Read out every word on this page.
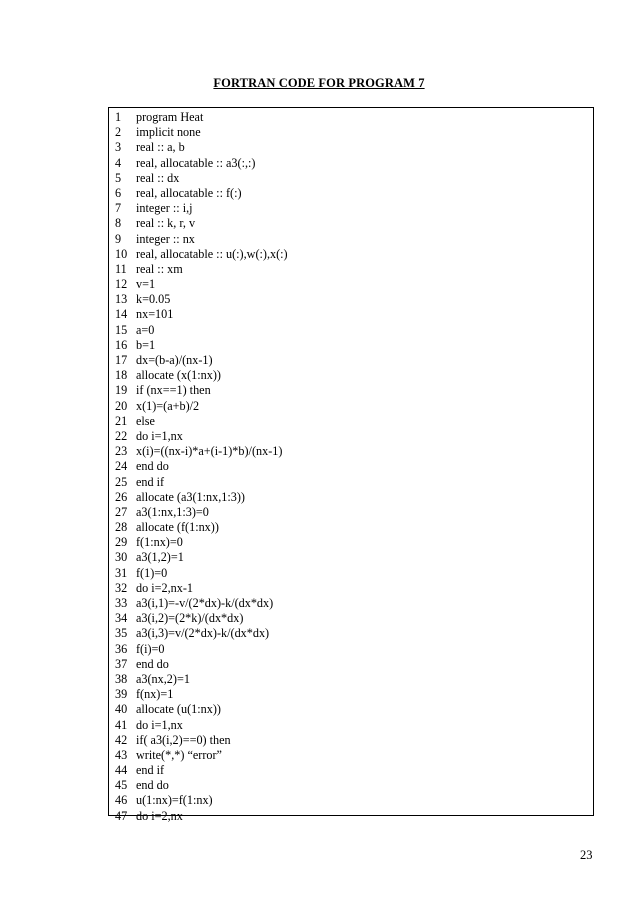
FORTRAN CODE FOR PROGRAM 7
1	program Heat
2	implicit none
3	real :: a, b
4	real, allocatable :: a3(:,:)
5	real :: dx
6	real, allocatable :: f(:)
7	integer :: i,j
8	real :: k, r, v
9	integer :: nx
10 real, allocatable :: u(:),w(:),x(:)
11 real :: xm
12 v=1
13 k=0.05
14 nx=101
15 a=0
16 b=1
17 dx=(b-a)/(nx-1)
18 allocate (x(1:nx))
19 if (nx==1) then
20 x(1)=(a+b)/2
21 else
22 do i=1,nx
23 x(i)=((nx-i)*a+(i-1)*b)/(nx-1)
24 end do
25 end if
26 allocate (a3(1:nx,1:3))
27 a3(1:nx,1:3)=0
28 allocate (f(1:nx))
29 f(1:nx)=0
30 a3(1,2)=1
31 f(1)=0
32 do i=2,nx-1
33 a3(i,1)=-v/(2*dx)-k/(dx*dx)
34 a3(i,2)=(2*k)/(dx*dx)
35 a3(i,3)=v/(2*dx)-k/(dx*dx)
36 f(i)=0
37 end do
38 a3(nx,2)=1
39 f(nx)=1
40 allocate (u(1:nx))
41 do i=1,nx
42 if( a3(i,2)==0) then
43 write(*,*) “error”
44 end if
45 end do
46 u(1:nx)=f(1:nx)
47 do i=2,nx
23
